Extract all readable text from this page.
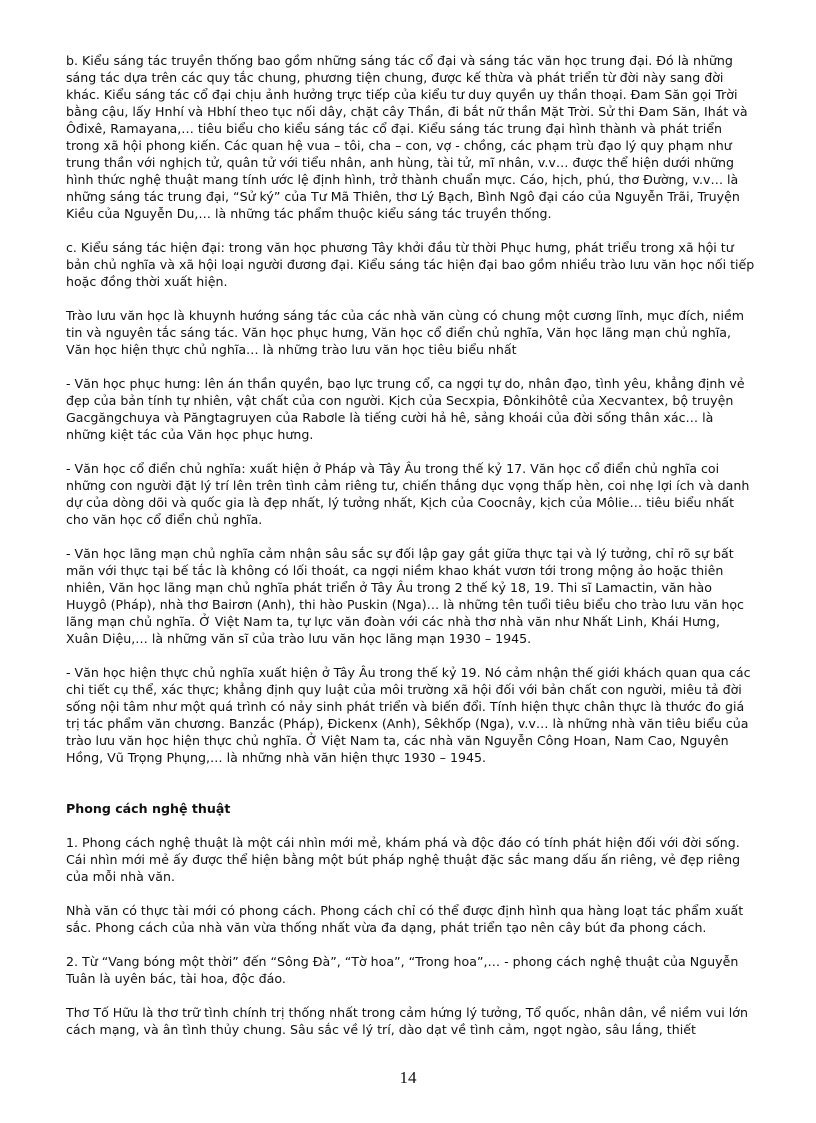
b. Kiểu sáng tác truyền thống bao gồm những sáng tác cổ đại và sáng tác văn học trung đại. Đó là những sáng tác dựa trên các quy tắc chung, phương tiện chung, được kế thừa và phát triển từ đời này sang đời khác. Kiểu sáng tác cổ đại chịu ảnh hưởng trực tiếp của kiểu tư duy quyền uy thần thoại. Đam Săn gọi Trời bằng cậu, lấy Hnhí và Hbhí theo tục nối dây, chặt cây Thần, đi bắt nữ thần Mặt Trời. Sử thi Đam Săn, Ihát và Ôđixê, Ramayana,… tiêu biểu cho kiểu sáng tác cổ đại. Kiểu sáng tác trung đại hình thành và phát triển trong xã hội phong kiến. Các quan hệ vua – tôi, cha – con, vợ - chồng, các phạm trù đạo lý quy phạm như trung thần với nghịch tử, quân tử với tiểu nhân, anh hùng, tài tử, mĩ nhân, v.v… được thể hiện dưới những hình thức nghệ thuật mang tính ước lệ định hình, trở thành chuẩn mực. Cáo, hịch, phú, thơ Đường, v.v… là những sáng tác trung đại, “Sử ký” của Tư Mã Thiên, thơ Lý Bạch, Bình Ngô đại cáo của Nguyễn Trãi, Truyện Kiều của Nguyễn Du,… là những tác phẩm thuộc kiểu sáng tác truyền thống.

c. Kiểu sáng tác hiện đại: trong văn học phương Tây khởi đầu từ thời Phục hưng, phát triểu trong xã hội tư bản chủ nghĩa và xã hội loại người đương đại. Kiểu sáng tác hiện đại bao gồm nhiều trào lưu văn học nối tiếp hoặc đồng thời xuất hiện.

Trào lưu văn học là khuynh hướng sáng tác của các nhà văn cùng có chung một cương lĩnh, mục đích, niềm tin và nguyên tắc sáng tác. Văn học phục hưng, Văn học cổ điển chủ nghĩa, Văn học lãng mạn chủ nghĩa, Văn học hiện thực chủ nghĩa… là những trào lưu văn học tiêu biểu nhất

- Văn học phục hưng: lên án thần quyền, bạo lực trung cổ, ca ngợi tự do, nhân đạo, tình yêu, khẳng định vẻ đẹp của bản tính tự nhiên, vật chất của con người. Kịch của Secxpia, Đônkihôtê của Xecvantex, bộ truyện Gacgăngchuya và Păngtagruyen của Rabơle là tiếng cười hả hê, sảng khoái của đời sống thân xác… là những kiệt tác của Văn học phục hưng.

- Văn học cổ điển chủ nghĩa: xuất hiện ở Pháp và Tây Âu trong thế kỷ 17. Văn học cổ điển chủ nghĩa coi những con người đặt lý trí lên trên tình cảm riêng tư, chiến thắng dục vọng thấp hèn, coi nhẹ lợi ích và danh dự của dòng dõi và quốc gia là đẹp nhất, lý tưởng nhất, Kịch của Coocnây, kịch của Môlie… tiêu biểu nhất cho văn học cổ điển chủ nghĩa.

- Văn học lãng mạn chủ nghĩa cảm nhận sâu sắc sự đối lập gay gắt giữa thực tại và lý tưởng, chỉ rõ sự bất mãn với thực tại bế tắc là không có lối thoát, ca ngợi niềm khao khát vươn tới trong mộng ảo hoặc thiên nhiên, Văn học lãng mạn chủ nghĩa phát triển ở Tây Âu trong 2 thế kỷ 18, 19. Thi sĩ Lamactin, văn hào Huygô (Pháp), nhà thơ Bairơn (Anh), thi hào Puskin (Nga)… là những tên tuổi tiêu biểu cho trào lưu văn học lãng mạn chủ nghĩa. Ở Việt Nam ta, tự lực văn đoàn với các nhà thơ nhà văn như Nhất Linh, Khái Hưng, Xuân Diệu,… là những văn sĩ của trào lưu văn học lãng mạn 1930 – 1945.

- Văn học hiện thực chủ nghĩa xuất hiện ở Tây Âu trong thế kỷ 19. Nó cảm nhận thế giới khách quan qua các chi tiết cụ thể, xác thực; khẳng định quy luật của môi trường xã hội đối với bản chất con người, miêu tả đời sống nội tâm như một quá trình có nảy sinh phát triển và biến đổi. Tính hiện thực chân thực là thước đo giá trị tác phẩm văn chương. Banzắc (Pháp), Đickenx (Anh), Sêkhốp (Nga), v.v… là những nhà văn tiêu biểu của trào lưu văn học hiện thực chủ nghĩa. Ở Việt Nam ta, các nhà văn Nguyễn Công Hoan, Nam Cao, Nguyên Hồng, Vũ Trọng Phụng,… là những nhà văn hiện thực 1930 – 1945.

Phong cách nghệ thuật

1. Phong cách nghệ thuật là một cái nhìn mới mẻ, khám phá và độc đáo có tính phát hiện đối với đời sống. Cái nhìn mới mẻ ấy được thể hiện bằng một bút pháp nghệ thuật đặc sắc mang dấu ấn riêng, vẻ đẹp riêng của mỗi nhà văn.

Nhà văn có thực tài mới có phong cách. Phong cách chỉ có thể được định hình qua hàng loạt tác phẩm xuất sắc. Phong cách của nhà văn vừa thống nhất vừa đa dạng, phát triển tạo nên cây bút đa phong cách.

2. Từ “Vang bóng một thời” đến “Sông Đà”, “Tờ hoa”, “Trong hoa”,… - phong cách nghệ thuật của Nguyễn Tuân là uyên bác, tài hoa, độc đáo.

Thơ Tố Hữu là thơ trữ tình chính trị thống nhất trong cảm hứng lý tưởng, Tổ quốc, nhân dân, về niềm vui lớn cách mạng, và ân tình thủy chung. Sâu sắc về lý trí, dào dạt về tình cảm, ngọt ngào, sâu lắng, thiết

14
